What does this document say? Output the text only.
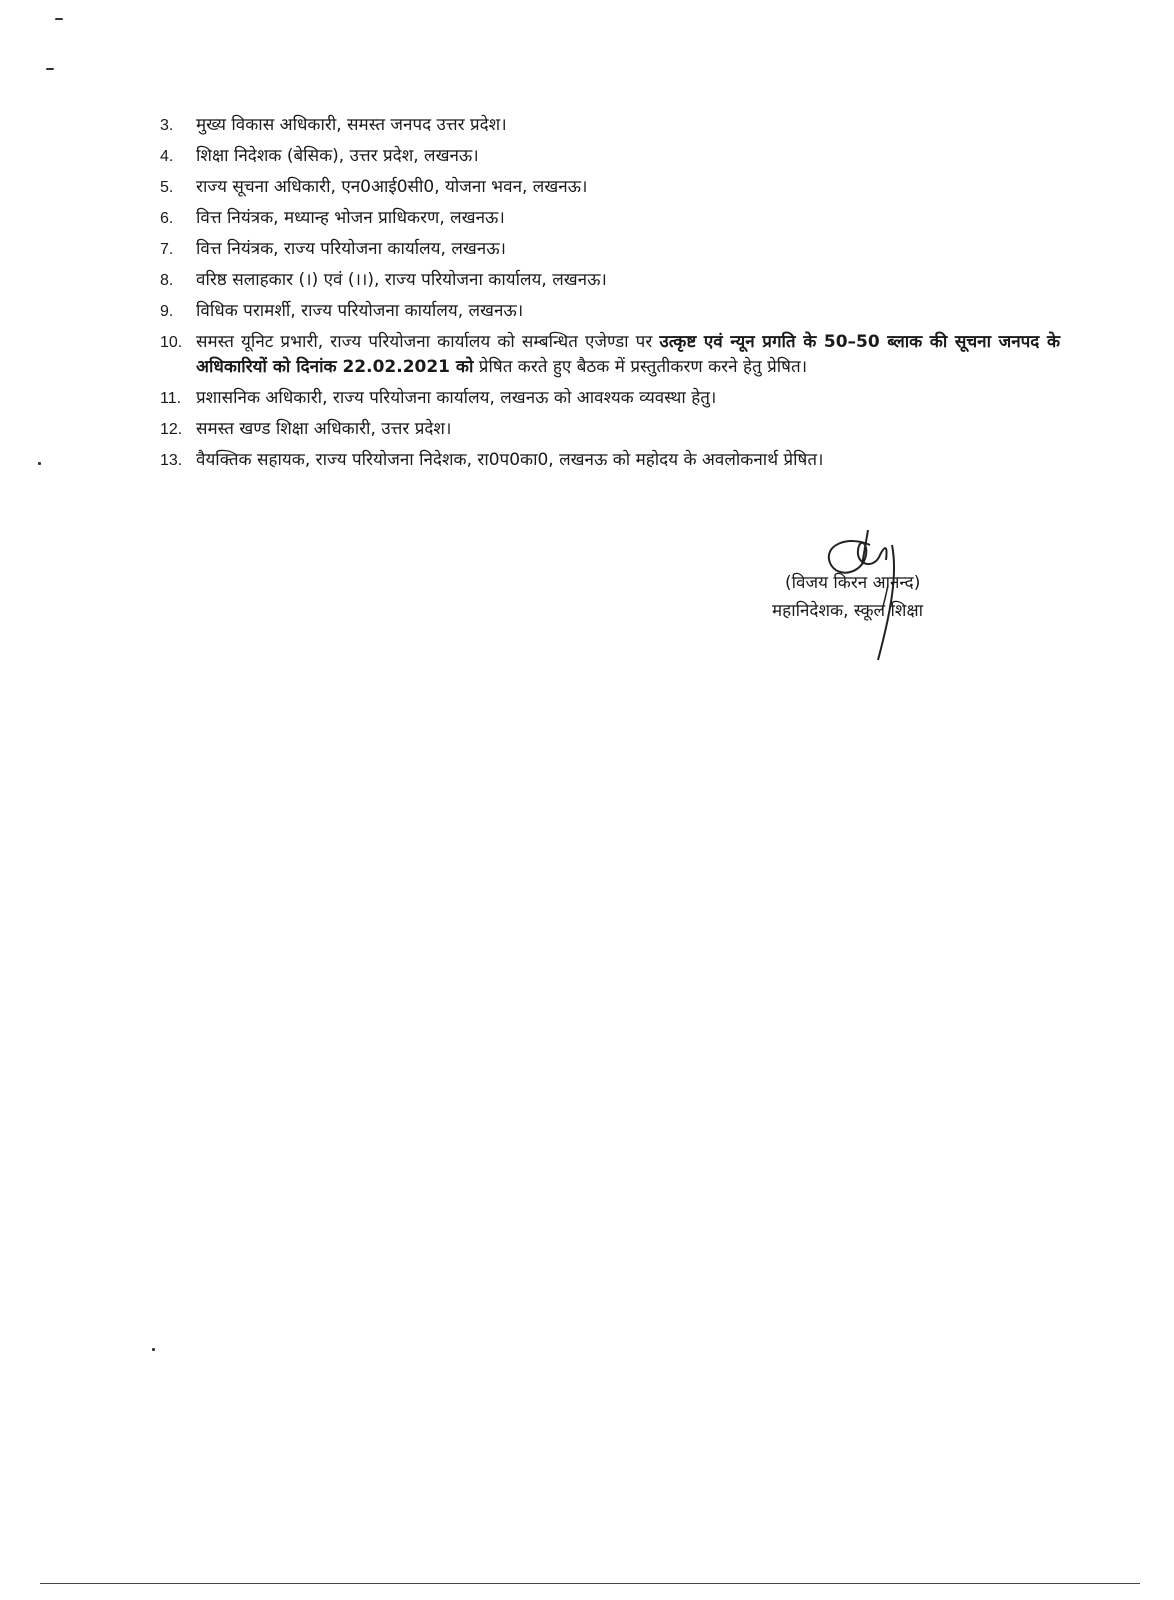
3.	मुख्य विकास अधिकारी, समस्त जनपद उत्तर प्रदेश।
4.	शिक्षा निदेशक (बेसिक), उत्तर प्रदेश, लखनऊ।
5.	राज्य सूचना अधिकारी, एन0आई0सी0, योजना भवन, लखनऊ।
6.	वित्त नियंत्रक, मध्यान्ह भोजन प्राधिकरण, लखनऊ।
7.	वित्त नियंत्रक, राज्य परियोजना कार्यालय, लखनऊ।
8.	वरिष्ठ सलाहकार (।) एवं (।।), राज्य परियोजना कार्यालय, लखनऊ।
9.	विधिक परामर्शी, राज्य परियोजना कार्यालय, लखनऊ।
10. समस्त यूनिट प्रभारी, राज्य परियोजना कार्यालय को सम्बन्धित एजेण्डा पर उत्कृष्ट एवं न्यून प्रगति के 50–50 ब्लाक की सूचना जनपद के अधिकारियों को दिनांक 22.02.2021 को प्रेषित करते हुए बैठक में प्रस्तुतीकरण करने हेतु प्रेषित।
11. प्रशासनिक अधिकारी, राज्य परियोजना कार्यालय, लखनऊ को आवश्यक व्यवस्था हेतु।
12. समस्त खण्ड शिक्षा अधिकारी, उत्तर प्रदेश।
13. वैयक्तिक सहायक, राज्य परियोजना निदेशक, रा0प0का0, लखनऊ को महोदय के अवलोकनार्थ प्रेषित।
(विजय किरन आनन्द)
महानिदेशक, स्कूल शिक्षा
